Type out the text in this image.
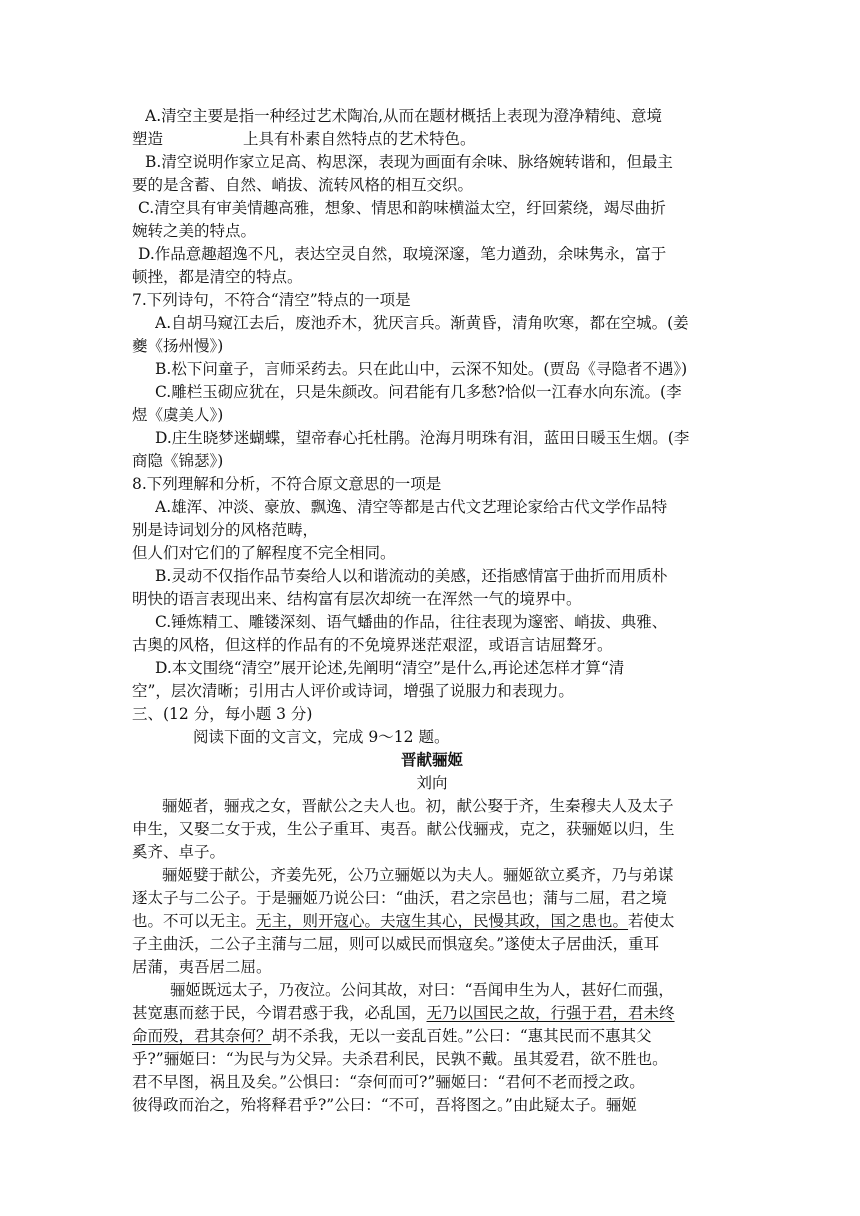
A.清空主要是指一种经过艺术陶冶,从而在题材概括上表现为澄净精纯、意境
塑造	上具有朴素自然特点的艺术特色。
B.清空说明作家立足高、构思深，表现为画面有余味、脉络婉转谐和，但最主
要的是含蓄、自然、峭拔、流转风格的相互交织。
C.清空具有审美情趣高雅，想象、情思和韵味横溢太空，纡回萦绕，竭尽曲折
婉转之美的特点。
D.作品意趣超逸不凡，表达空灵自然，取境深邃，笔力遒劲，余味隽永，富于
顿挫，都是清空的特点。
7.下列诗句，不符合“清空”特点的一项是
A.自胡马窥江去后，废池乔木，犹厌言兵。渐黄昏，清角吹寒，都在空城。(姜
夔《扬州慢》)
B.松下问童子，言师采药去。只在此山中，云深不知处。(贾岛《寻隐者不遇》)
C.雕栏玉砌应犹在，只是朱颜改。问君能有几多愁?恰似一江春水向东流。(李
煜《虞美人》)
D.庄生晓梦迷蝴蝶，望帝春心托杜鹃。沧海月明珠有泪，蓝田日暖玉生烟。(李
商隐《锦瑟》)
8.下列理解和分析，不符合原文意思的一项是
A.雄浑、冲淡、豪放、飘逸、清空等都是古代文艺理论家给古代文学作品特
别是诗词划分的风格范畴，
但人们对它们的了解程度不完全相同。
B.灵动不仅指作品节奏给人以和谐流动的美感，还指感情富于曲折而用质朴
明快的语言表现出来、结构富有层次却统一在浑然一气的境界中。
C.锤炼精工、雕镂深刻、语气蟠曲的作品，往往表现为邃密、峭拔、典雅、
古奥的风格，但这样的作品有的不免境界迷茫艰涩，或语言诘屈聱牙。
D.本文围绕“清空”展开论述,先阐明“清空”是什么,再论述怎样才算“清
空”，层次清晰；引用古人评价或诗词，增强了说服力和表现力。
三、(12 分，每小题 3 分)
阅读下面的文言文，完成 9～12 题。
晋献骊姬
刘向
骊姬者，骊戎之女，晋献公之夫人也。初，献公娶于齐，生秦穆夫人及太子
申生，又娶二女于戎，生公子重耳、夷吾。献公伐骊戎，克之，获骊姬以归，生
奚齐、卓子。
骊姬嬖于献公，齐姜先死，公乃立骊姬以为夫人。骊姬欲立奚齐，乃与弟谋
逐太子与二公子。于是骊姬乃说公曰：“曲沃，君之宗邑也；蒲与二屈，君之境
也。不可以无主。无主，则开寇心。夫寇生其心，民慢其政，国之患也。若使太
子主曲沃，二公子主蒲与二屈，则可以威民而惧寇矣。”遂使太子居曲沃，重耳
居蒲，夷吾居二屈。
骊姬既远太子，乃夜泣。公问其故，对曰：“吾闻申生为人，甚好仁而强，
甚宽惠而慈于民，今谓君惑于我，必乱国，无乃以国民之故，行强于君，君未终
命而殁，君其奈何？胡不杀我，无以一妾乱百姓。”公曰：“惠其民而不惠其父
乎?”骊姬曰：“为民与为父异。夫杀君利民，民孰不戴。虽其爱君，欲不胜也。
君不早图，祸且及矣。”公惧曰：“奈何而可?”骊姬曰：“君何不老而授之政。
彼得政而治之，殆将释君乎?”公曰：“不可，吾将图之。”由此疑太子。骊姬
